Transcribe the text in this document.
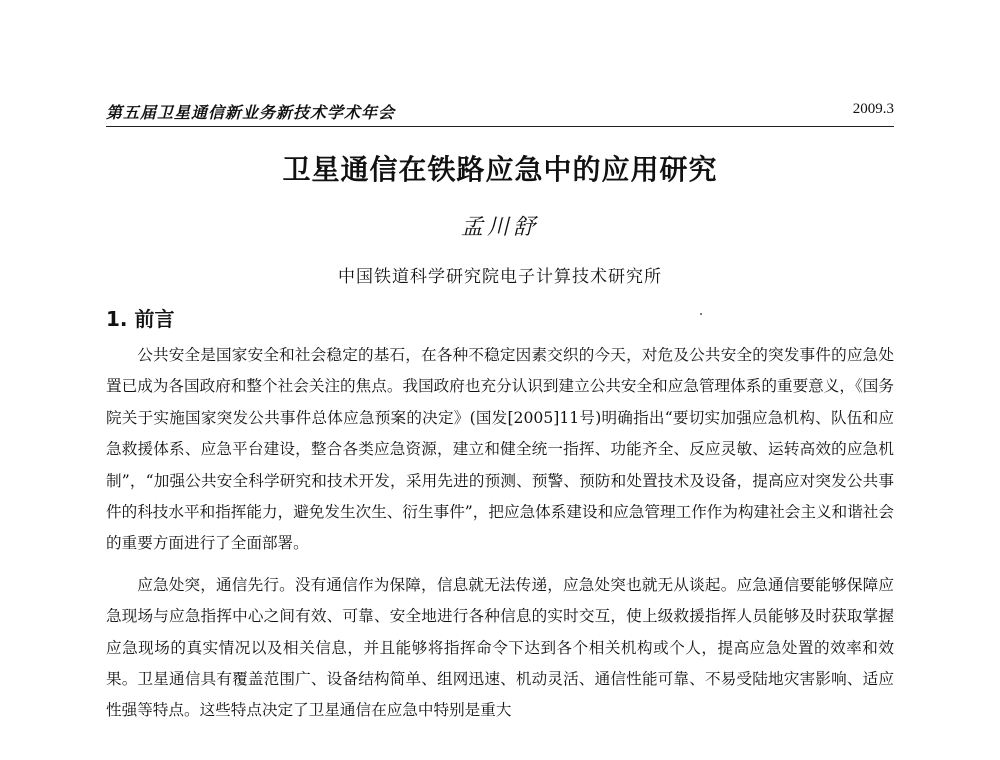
第五届卫星通信新业务新技术学术年会	2009.3
卫星通信在铁路应急中的应用研究
孟川舒
中国铁道科学研究院电子计算技术研究所
1. 前言

公共安全是国家安全和社会稳定的基石，在各种不稳定因素交织的今天，对危及公共安全的突发事件的应急处置已成为各国政府和整个社会关注的焦点。我国政府也充分认识到建立公共安全和应急管理体系的重要意义，《国务院关于实施国家突发公共事件总体应急预案的决定》(国发[2005]11号)明确指出“要切实加强应急机构、队伍和应急救援体系、应急平台建设，整合各类应急资源，建立和健全统一指挥、功能齐全、反应灵敏、运转高效的应急机制”，“加强公共安全科学研究和技术开发，采用先进的预测、预警、预防和处置技术及设备，提高应对突发公共事件的科技水平和指挥能力，避免发生次生、衍生事件”，把应急体系建设和应急管理工作作为构建社会主义和谐社会的重要方面进行了全面部署。

应急处突，通信先行。没有通信作为保障，信息就无法传递，应急处突也就无从谈起。应急通信要能够保障应急现场与应急指挥中心之间有效、可靠、安全地进行各种信息的实时交互，使上级救援指挥人员能够及时获取掌握应急现场的真实情况以及相关信息，并且能够将指挥命令下达到各个相关机构或个人，提高应急处置的效率和效果。卫星通信具有覆盖范围广、设备结构简单、组网迅速、机动灵活、通信性能可靠、不易受陆地灾害影响、适应性强等特点。这些特点决定了卫星通信在应急中特别是重大
